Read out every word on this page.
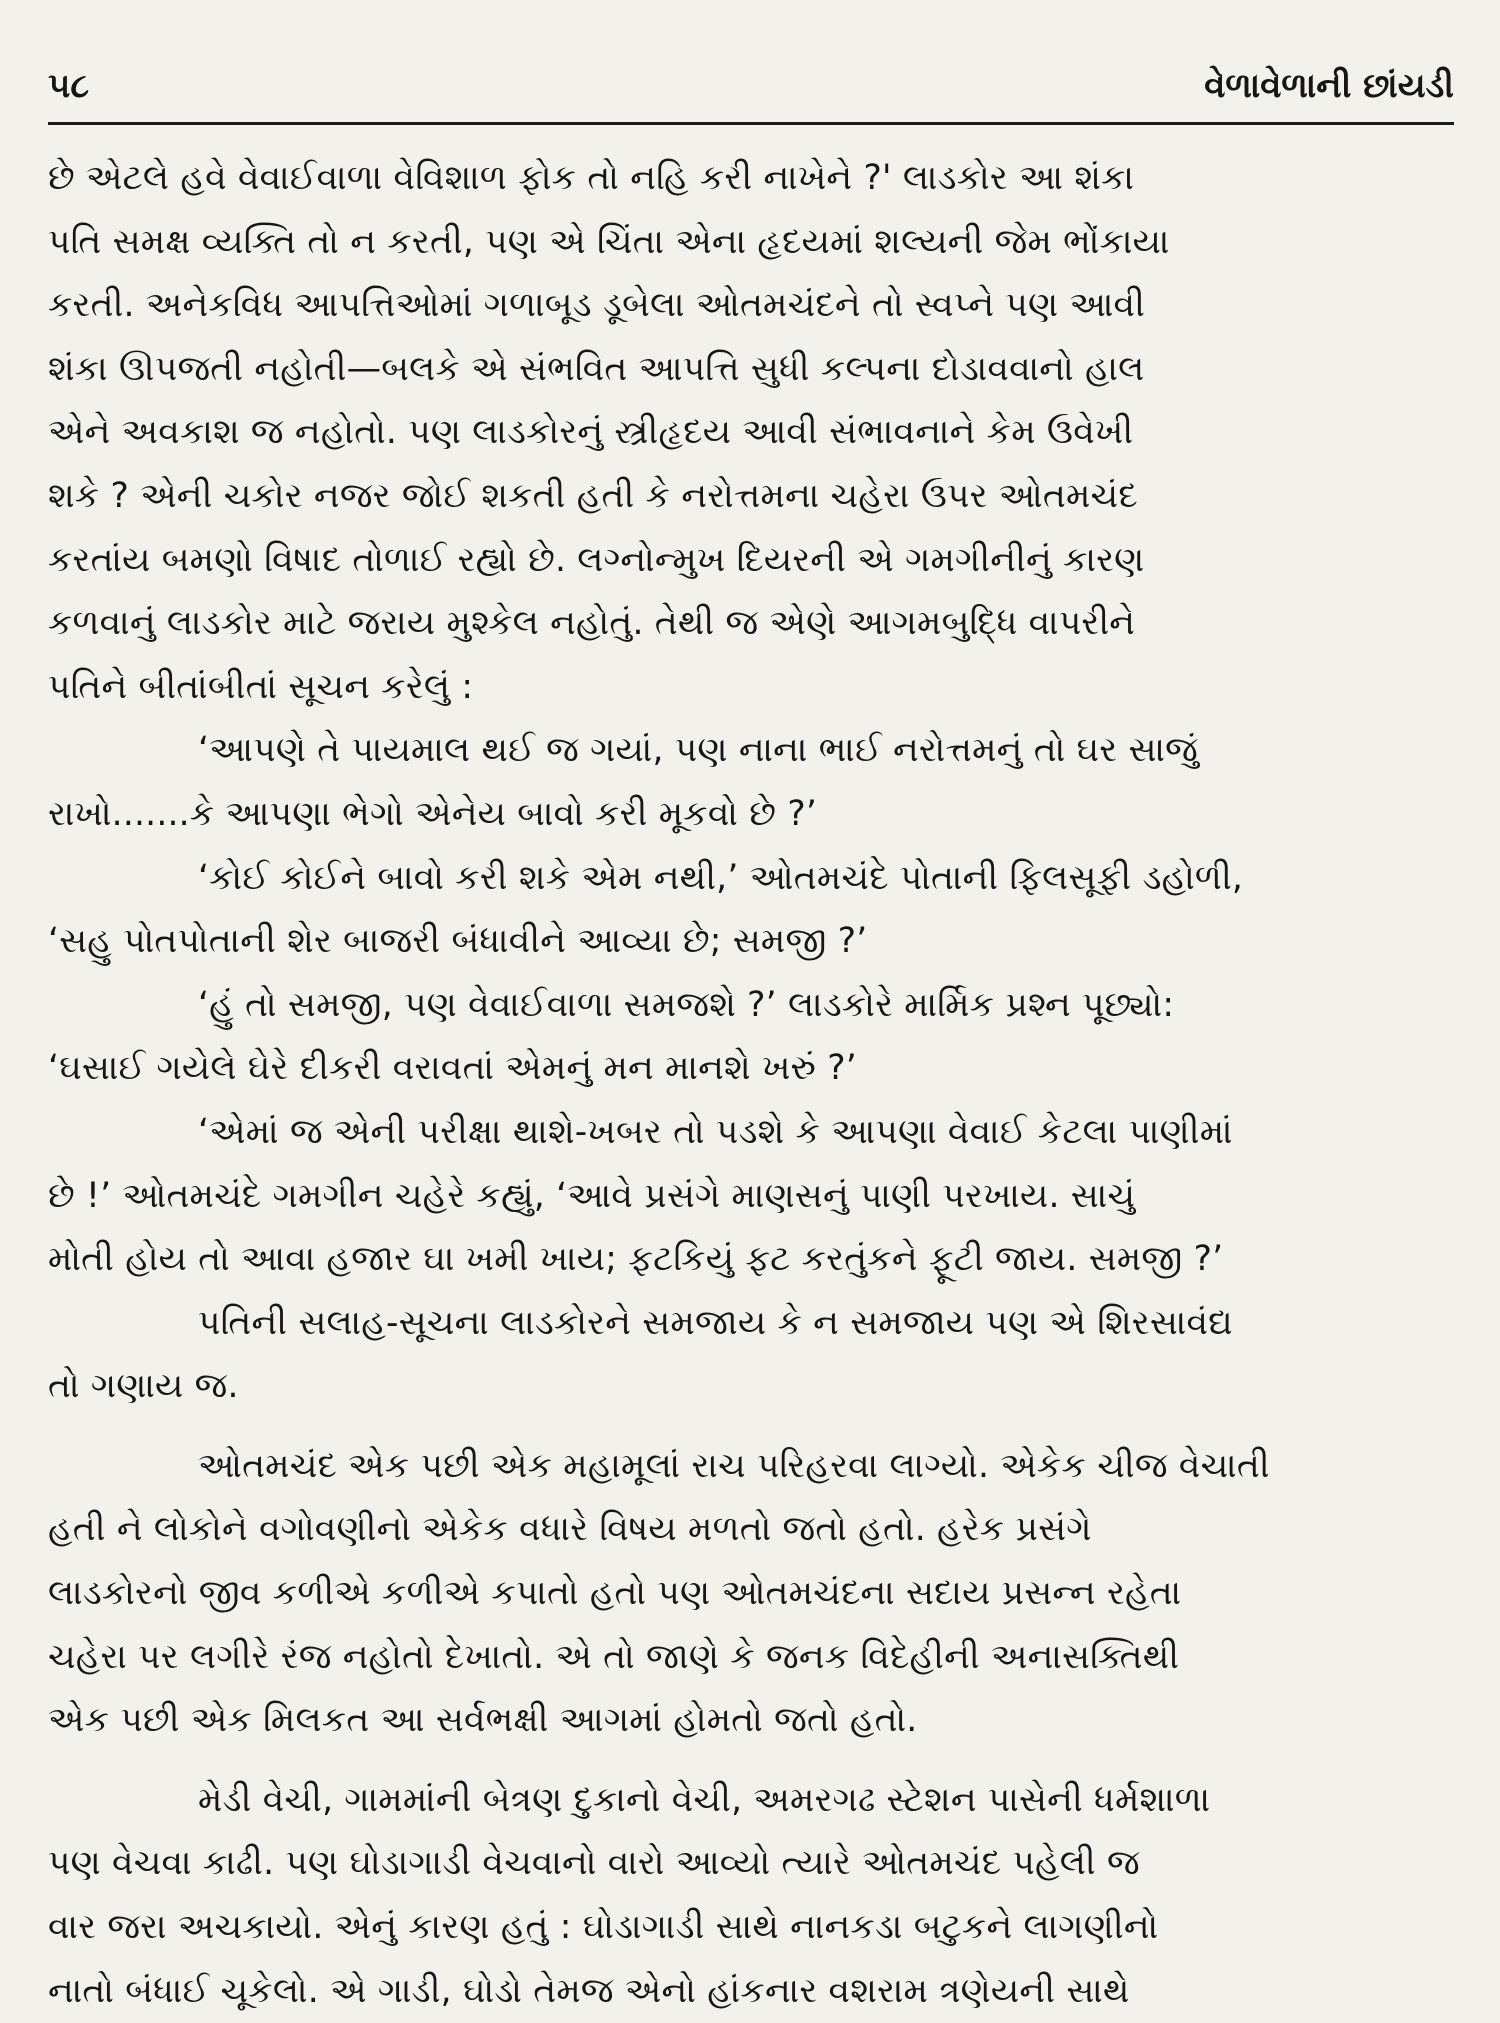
૫૮	વેળાવેળાની છાંયડી

છે એટલે હવે વેવાઈવાળા વેવિશાળ ફોક તો નહિ કરી નાખેને ?' લાડકોર આ શંકા
પતિ સમક્ષ વ્યક્તિ તો ન કરતી, પણ એ ચિંતા એના હૃદયમાં શલ્યની જેમ ભોંકાયા
કરતી. અનેકવિધ આપત્તિઓમાં ગળાબૂડ ડૂબેલા ઓતમચંદને તો સ્વપ્ને પણ આવી
શંકા ઊપજતી નહોતી—બલકે એ સંભવિત આપત્તિ સુધી કલ્પના દોડાવવાનો હાલ
એને અવકાશ જ નહોતો. પણ લાડકોરનું સ્ત્રીહૃદય આવી સંભાવનાને કેમ ઉવેખી
શકે ? એની ચકોર નજર જોઈ શકતી હતી કે નરોત્તમના ચહેરા ઉપર ઓતમચંદ
કરતાંય બમણો વિષાદ તોળાઈ રહ્યો છે. લગ્નોન્મુખ દિયરની એ ગમગીનીનું કારણ
કળવાનું લાડકોર માટે જરાય મુશ્કેલ નહોતું. તેથી જ એણે આગમબુદ્ધિ વાપરીને
પતિને બીતાંબીતાં સૂચન કરેલું :

‘આપણે તે પાયમાલ થઈ જ ગયાં, પણ નાના ભાઈ નરોત્તમનું તો ઘર સાજું
રાખો.......કે આપણા ભેગો એનેય બાવો કરી મૂકવો છે ?’

‘કોઈ કોઈને બાવો કરી શકે એમ નથી,’ ઓતમચંદે પોતાની ફિલસૂફી ડહોળી,
‘સહુ પોતપોતાની શેર બાજરી બંધાવીને આવ્યા છે; સમજી ?’

‘હું તો સમજી, પણ વેવાઈવાળા સમજશે ?’ લાડકોરે માર્મિક પ્રશ્ન પૂછ્યો:
‘ઘસાઈ ગયેલે ઘેરે દીકરી વરાવતાં એમનું મન માનશે ખરું ?’

‘એમાં જ એની પરીક્ષા થાશે-ખબર તો પડશે કે આપણા વેવાઈ કેટલા પાણીમાં
છે !’ ઓતમચંદે ગમગીન ચહેરે કહ્યું, ‘આવે પ્રસંગે માણસનું પાણી પરખાય. સાચું
મોતી હોય તો આવા હજાર ઘા ખમી ખાય; ફટકિયું ફટ કરતુંકને ફૂટી જાય. સમજી ?’

પતિની સલાહ-સૂચના લાડકોરને સમજાય કે ન સમજાય પણ એ શિરસાવંદ્ય
તો ગણાય જ.

ઓતમચંદ એક પછી એક મહામૂલાં રાચ પરિહરવા લાગ્યો. એકેક ચીજ વેચાતી
હતી ને લોકોને વગોવણીનો એકેક વધારે વિષય મળતો જતો હતો. હરેક પ્રસંગે
લાડકોરનો જીવ કળીએ કળીએ કપાતો હતો પણ ઓતમચંદના સદાય પ્રસન્ન રહેતા
ચહેરા પર લગીરે રંજ નહોતો દેખાતો. એ તો જાણે કે જનક વિદેહીની અનાસક્તિથી
એક પછી એક મિલકત આ સર્વભક્ષી આગમાં હોમતો જતો હતો.

મેડી વેચી, ગામમાંની બેત્રણ દુકાનો વેચી, અમરગઢ સ્ટેશન પાસેની ધર્મશાળા
પણ વેચવા કાઢી. પણ ઘોડાગાડી વેચવાનો વારો આવ્યો ત્યારે ઓતમચંદ પહેલી જ
વાર જરા અચકાયો. એનું કારણ હતું : ઘોડાગાડી સાથે નાનકડા બટુકને લાગણીનો
નાતો બંધાઈ ચૂકેલો. એ ગાડી, ઘોડો તેમજ એનો હાંકનાર વશરામ ત્રણેયની સાથે
